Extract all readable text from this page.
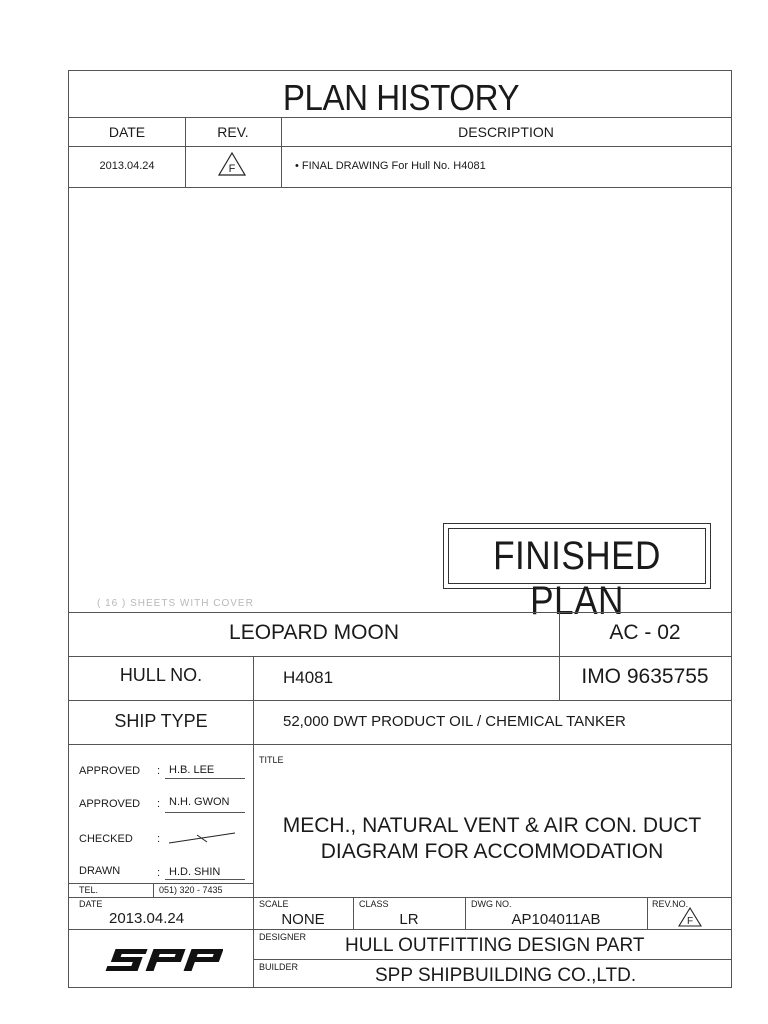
PLAN HISTORY
DATE	REV.	DESCRIPTION
2013.04.24	F	• FINAL DRAWING For Hull No. H4081
FINISHED PLAN
( 16 ) SHEETS WITH COVER
LEOPARD MOON	AC - 02
HULL NO.	H4081	IMO 9635755
SHIP TYPE	52,000 DWT PRODUCT OIL / CHEMICAL TANKER
APPROVED : H.B. LEE
APPROVED : N.H. GWON
CHECKED :
DRAWN	: H.D. SHIN
TEL.	051) 320 - 7435
TITLE
MECH., NATURAL VENT & AIR CON. DUCT
DIAGRAM FOR ACCOMMODATION
DATE
2013.04.24
SCALE
NONE
CLASS
LR
DWG NO.
AP104011AB
REV.NO.
F
DESIGNER HULL OUTFITTING DESIGN PART
BUILDER	SPP SHIPBUILDING CO.,LTD.
SPP
